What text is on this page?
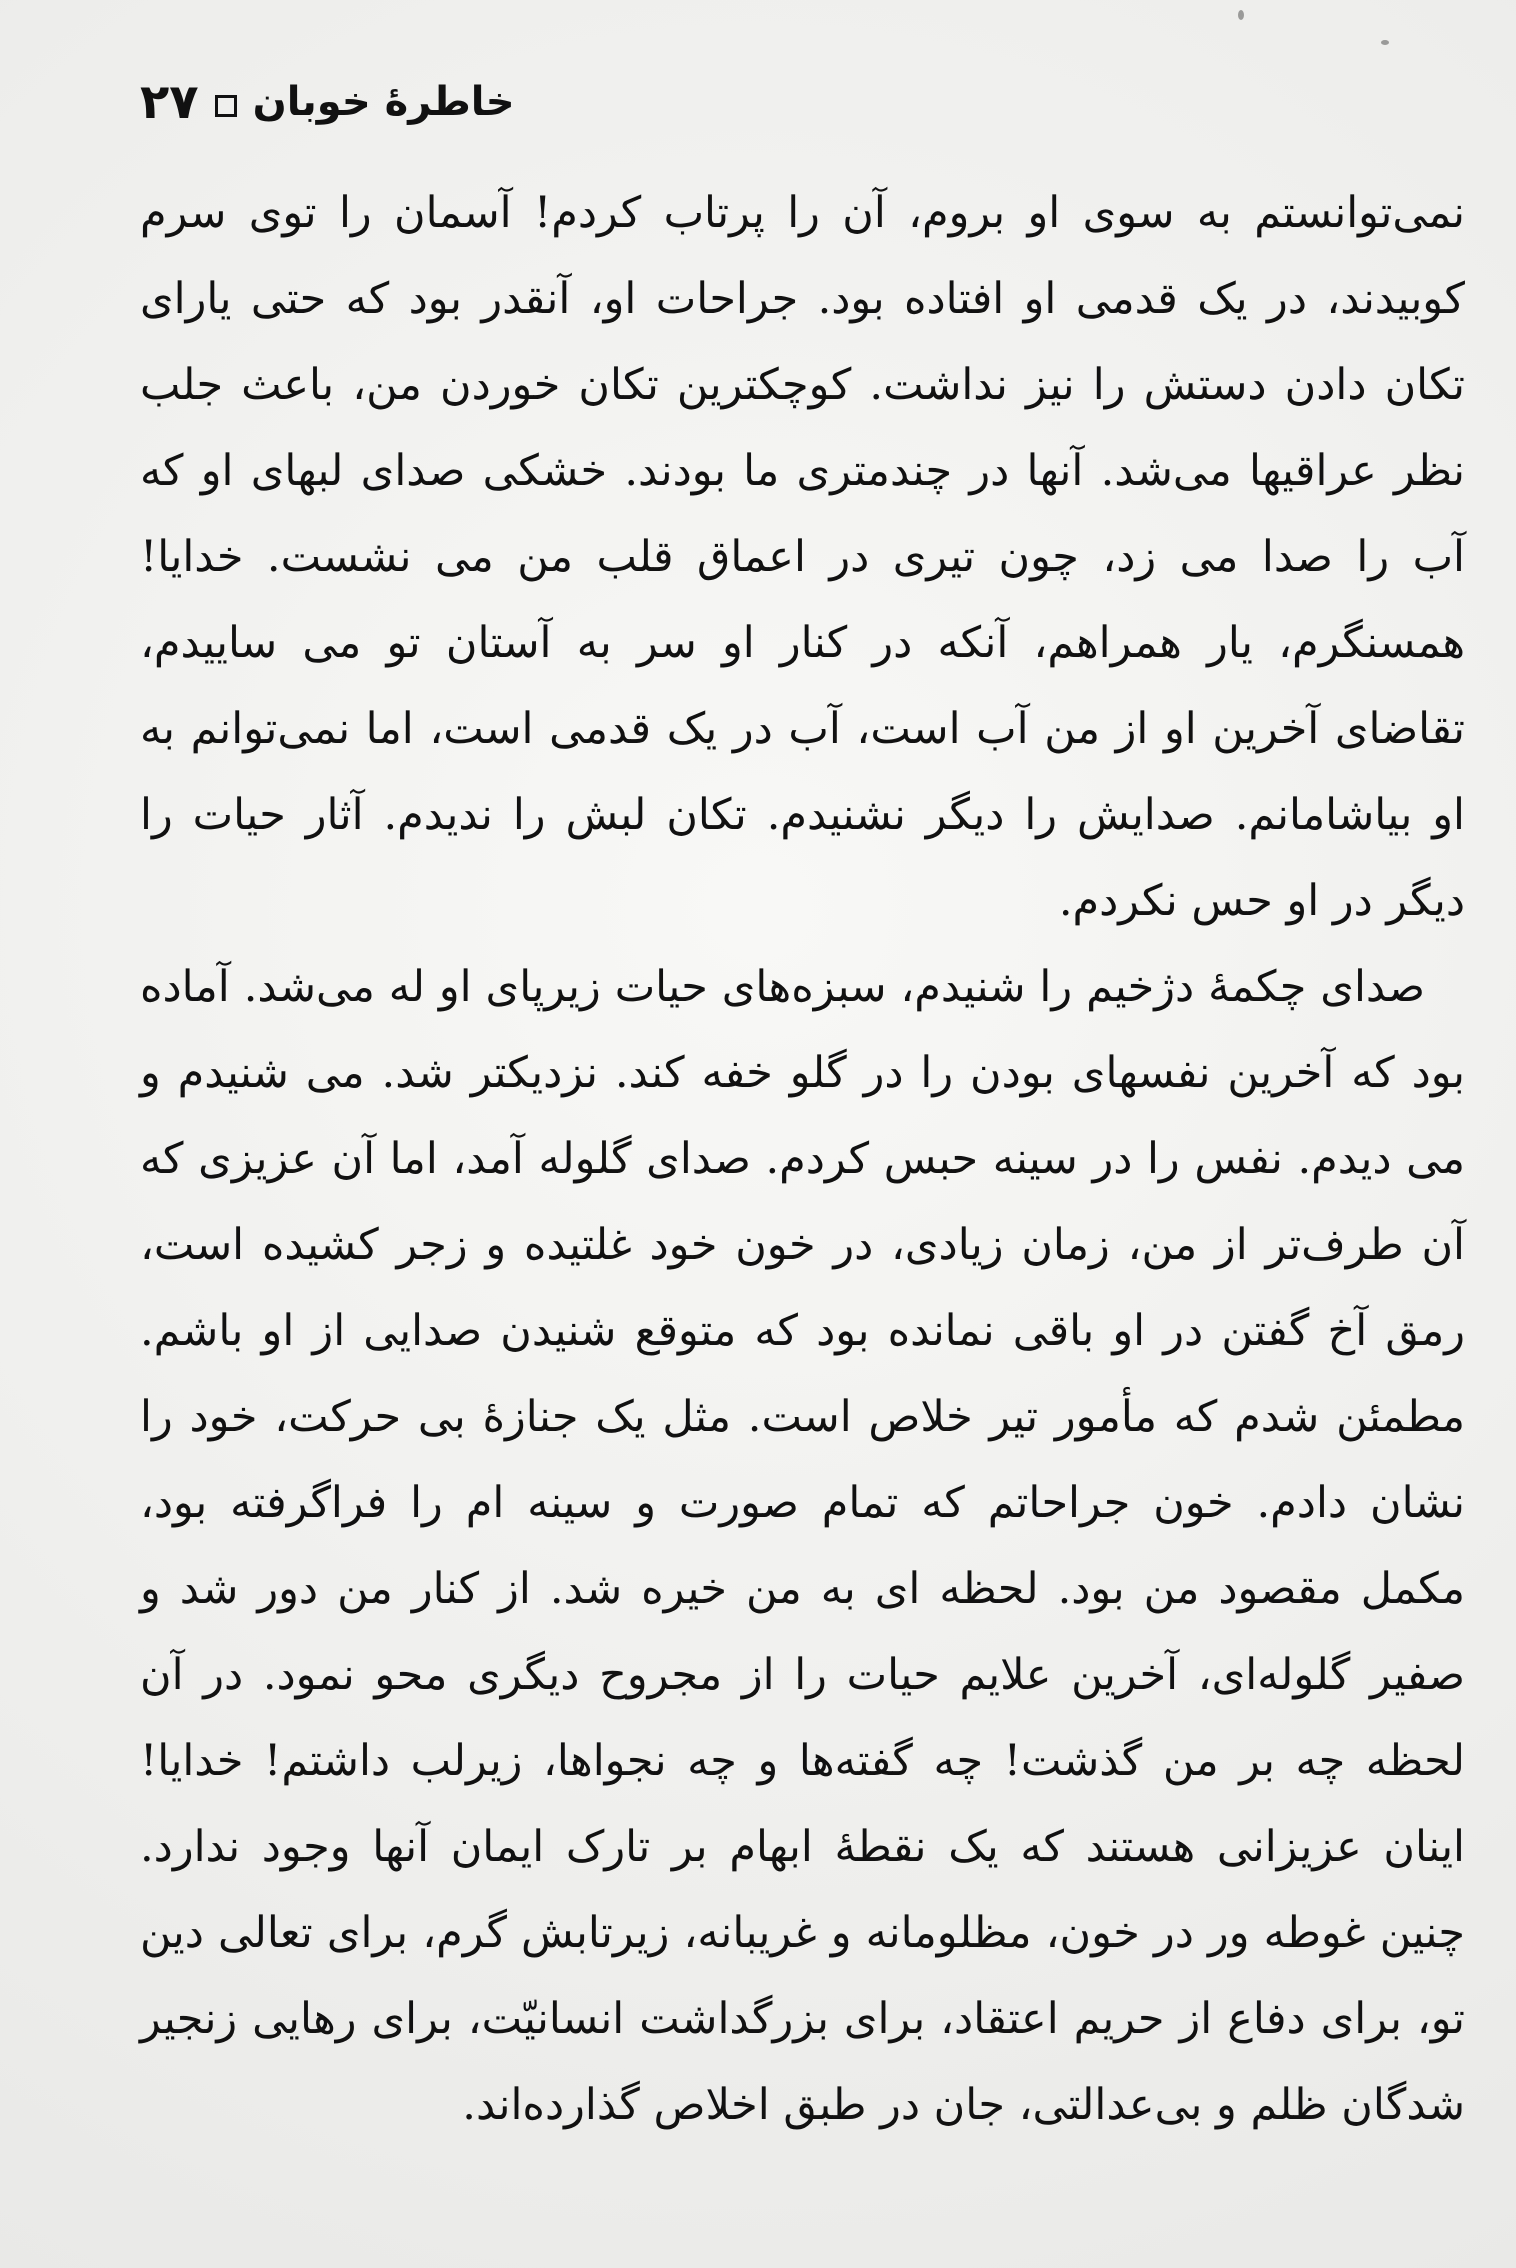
۲۷ خاطرهٔ خوبان

نمی‌توانستم به سوی او بروم، آن را پرتاب کردم! آسمان را توی سرم کوبیدند، در یک قدمی او افتاده بود. جراحات او، آنقدر بود که حتی یارای تکان دادن دستش را نیز نداشت. کوچکترین تکان خوردن من، باعث جلب نظر عراقیها می‌شد. آنها در چندمتری ما بودند. خشکی صدای لبهای او که آب را صدا می زد، چون تیری در اعماق قلب من می نشست. خدایا! همسنگرم، یار همراهم، آنکه در کنار او سر به آستان تو می ساییدم، تقاضای آخرین او از من آب است، آب در یک قدمی است، اما نمی‌توانم به او بیاشامانم. صدایش را دیگر نشنیدم. تکان لبش را ندیدم. آثار حیات را دیگر در او حس نکردم.

صدای چکمهٔ دژخیم را شنیدم، سبزه‌های حیات زیرپای او له می‌شد. آماده بود که آخرین نفسهای بودن را در گلو خفه کند. نزدیکتر شد. می شنیدم و می دیدم. نفس را در سینه حبس کردم. صدای گلوله آمد، اما آن عزیزی که آن طرف‌تر از من، زمان زیادی، در خون خود غلتیده و زجر کشیده است، رمق آخ گفتن در او باقی نمانده بود که متوقع شنیدن صدایی از او باشم. مطمئن شدم که مأمور تیر خلاص است. مثل یک جنازهٔ بی حرکت، خود را نشان دادم. خون جراحاتم که تمام صورت و سینه ام را فراگرفته بود، مکمل مقصود من بود. لحظه ای به من خیره شد. از کنار من دور شد و صفیر گلوله‌ای، آخرین علایم حیات را از مجروح دیگری محو نمود. در آن لحظه چه بر من گذشت! چه گفته‌ها و چه نجواها، زیرلب داشتم! خدایا! اینان عزیزانی هستند که یک نقطهٔ ابهام بر تارک ایمان آنها وجود ندارد. چنین غوطه ور در خون، مظلومانه و غریبانه، زیرتابش گرم، برای تعالی دین تو، برای دفاع از حریم اعتقاد، برای بزرگداشت انسانیّت، برای رهایی زنجیر شدگان ظلم و بی‌عدالتی، جان در طبق اخلاص گذارده‌اند.
